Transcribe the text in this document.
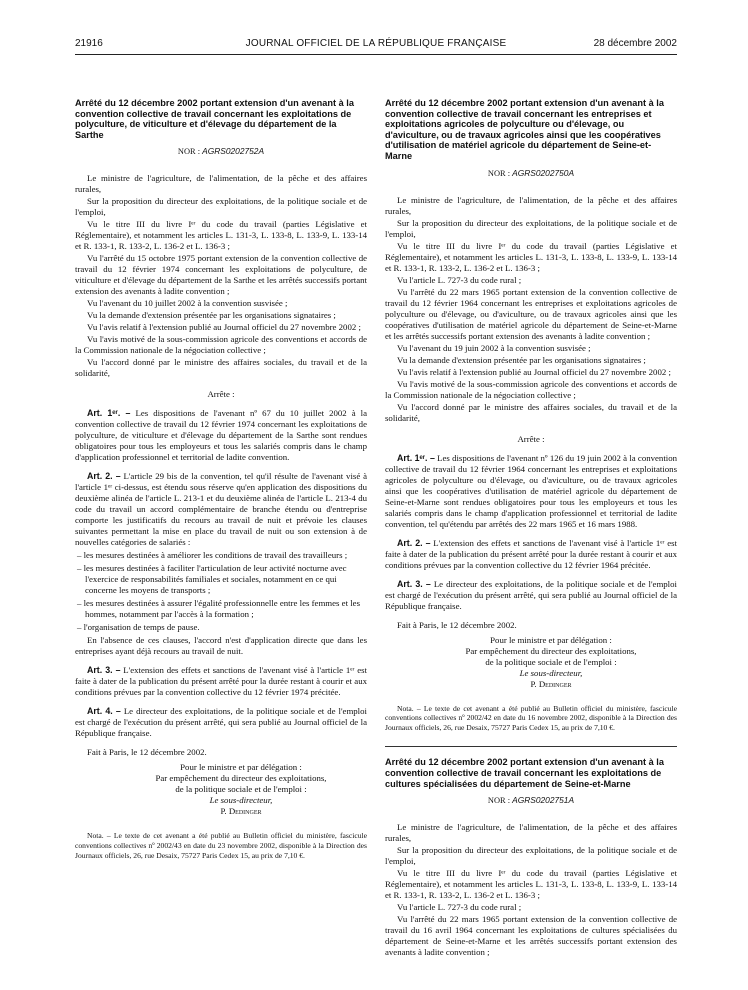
21916	JOURNAL OFFICIEL DE LA RÉPUBLIQUE FRANÇAISE	28 décembre 2002
Arrêté du 12 décembre 2002 portant extension d'un avenant à la convention collective de travail concernant les exploitations de polyculture, de viticulture et d'élevage du département de la Sarthe
NOR : AGRS0202752A
Le ministre de l'agriculture, de l'alimentation, de la pêche et des affaires rurales,
Sur la proposition du directeur des exploitations, de la politique sociale et de l'emploi,
Vu le titre III du livre Iᵉʳ du code du travail (parties Législative et Réglementaire), et notamment les articles L. 131-3, L. 133-8, L. 133-9, L. 133-14 et R. 133-1, R. 133-2, L. 136-2 et L. 136-3 ;
Vu l'arrêté du 15 octobre 1975 portant extension de la convention collective de travail du 12 février 1974 concernant les exploitations de polyculture, de viticulture et d'élevage du département de la Sarthe et les arrêtés successifs portant extension des avenants à ladite convention ;
Vu l'avenant du 10 juillet 2002 à la convention susvisée ;
Vu la demande d'extension présentée par les organisations signataires ;
Vu l'avis relatif à l'extension publié au Journal officiel du 27 novembre 2002 ;
Vu l'avis motivé de la sous-commission agricole des conventions et accords de la Commission nationale de la négociation collective ;
Vu l'accord donné par le ministre des affaires sociales, du travail et de la solidarité,
Arrête :
Art. 1ᵉʳ. – Les dispositions de l'avenant nº 67 du 10 juillet 2002 à la convention collective de travail du 12 février 1974 concernant les exploitations de polyculture, de viticulture et d'élevage du département de la Sarthe sont rendues obligatoires pour tous les employeurs et tous les salariés compris dans le champ d'application professionnel et territorial de ladite convention.
Art. 2. – L'article 29 bis de la convention, tel qu'il résulte de l'avenant visé à l'article 1ᵉʳ ci-dessus, est étendu sous réserve qu'en application des dispositions du deuxième alinéa de l'article L. 213-1 et du deuxième alinéa de l'article L. 213-4 du code du travail un accord complémentaire de branche étendu ou d'entreprise comporte les justificatifs du recours au travail de nuit et prévoie les clauses suivantes permettant la mise en place du travail de nuit ou son extension à de nouvelles catégories de salariés :
– les mesures destinées à améliorer les conditions de travail des travailleurs ;
– les mesures destinées à faciliter l'articulation de leur activité nocturne avec l'exercice de responsabilités familiales et sociales, notamment en ce qui concerne les moyens de transports ;
– les mesures destinées à assurer l'égalité professionnelle entre les femmes et les hommes, notamment par l'accès à la formation ;
– l'organisation de temps de pause.
En l'absence de ces clauses, l'accord n'est d'application directe que dans les entreprises ayant déjà recours au travail de nuit.
Art. 3. – L'extension des effets et sanctions de l'avenant visé à l'article 1ᵉʳ est faite à dater de la publication du présent arrêté pour la durée restant à courir et aux conditions prévues par la convention collective du 12 février 1974 précitée.
Art. 4. – Le directeur des exploitations, de la politique sociale et de l'emploi est chargé de l'exécution du présent arrêté, qui sera publié au Journal officiel de la République française.
Fait à Paris, le 12 décembre 2002.
Pour le ministre et par délégation :
Par empêchement du directeur des exploitations,
de la politique sociale et de l'emploi :
Le sous-directeur,
P. Dedinger
Nota. – Le texte de cet avenant a été publié au Bulletin officiel du ministère, fascicule conventions collectives nº 2002/43 en date du 23 novembre 2002, disponible à la Direction des Journaux officiels, 26, rue Desaix, 75727 Paris Cedex 15, au prix de 7,10 €.
Arrêté du 12 décembre 2002 portant extension d'un avenant à la convention collective de travail concernant les entreprises et exploitations agricoles de polyculture ou d'élevage, ou d'aviculture, ou de travaux agricoles ainsi que les coopératives d'utilisation de matériel agricole du département de Seine-et-Marne
NOR : AGRS0202750A
Le ministre de l'agriculture, de l'alimentation, de la pêche et des affaires rurales,
Sur la proposition du directeur des exploitations, de la politique sociale et de l'emploi,
Vu le titre III du livre Iᵉʳ du code du travail (parties Législative et Réglementaire), et notamment les articles L. 131-3, L. 133-8, L. 133-9, L. 133-14 et R. 133-1, R. 133-2, L. 136-2 et L. 136-3 ;
Vu l'article L. 727-3 du code rural ;
Vu l'arrêté du 22 mars 1965 portant extension de la convention collective de travail du 12 février 1964 concernant les entreprises et exploitations agricoles de polyculture ou d'élevage, ou d'aviculture, ou de travaux agricoles ainsi que les coopératives d'utilisation de matériel agricole du département de Seine-et-Marne et les arrêtés successifs portant extension des avenants à ladite convention ;
Vu l'avenant du 19 juin 2002 à la convention susvisée ;
Vu la demande d'extension présentée par les organisations signataires ;
Vu l'avis relatif à l'extension publié au Journal officiel du 27 novembre 2002 ;
Vu l'avis motivé de la sous-commission agricole des conventions et accords de la Commission nationale de la négociation collective ;
Vu l'accord donné par le ministre des affaires sociales, du travail et de la solidarité,
Arrête :
Art. 1ᵉʳ. – Les dispositions de l'avenant nº 126 du 19 juin 2002 à la convention collective de travail du 12 février 1964 concernant les entreprises et exploitations agricoles de polyculture ou d'élevage, ou d'aviculture, ou de travaux agricoles ainsi que les coopératives d'utilisation de matériel agricole du département de Seine-et-Marne sont rendues obligatoires pour tous les employeurs et tous les salariés compris dans le champ d'application professionnel et territorial de ladite convention, tel qu'étendu par arrêtés des 22 mars 1965 et 16 mars 1988.
Art. 2. – L'extension des effets et sanctions de l'avenant visé à l'article 1ᵉʳ est faite à dater de la publication du présent arrêté pour la durée restant à courir et aux conditions prévues par la convention collective du 12 février 1964 précitée.
Art. 3. – Le directeur des exploitations, de la politique sociale et de l'emploi est chargé de l'exécution du présent arrêté, qui sera publié au Journal officiel de la République française.
Fait à Paris, le 12 décembre 2002.
Pour le ministre et par délégation :
Par empêchement du directeur des exploitations,
de la politique sociale et de l'emploi :
Le sous-directeur,
P. Dedinger
Nota. – Le texte de cet avenant a été publié au Bulletin officiel du ministère, fascicule conventions collectives nº 2002/42 en date du 16 novembre 2002, disponible à la Direction des Journaux officiels, 26, rue Desaix, 75727 Paris Cedex 15, au prix de 7,10 €.
Arrêté du 12 décembre 2002 portant extension d'un avenant à la convention collective de travail concernant les exploitations de cultures spécialisées du département de Seine-et-Marne
NOR : AGRS0202751A
Le ministre de l'agriculture, de l'alimentation, de la pêche et des affaires rurales,
Sur la proposition du directeur des exploitations, de la politique sociale et de l'emploi,
Vu le titre III du livre Iᵉʳ du code du travail (parties Législative et Réglementaire), et notamment les articles L. 131-3, L. 133-8, L. 133-9, L. 133-14 et R. 133-1, R. 133-2, L. 136-2 et L. 136-3 ;
Vu l'article L. 727-3 du code rural ;
Vu l'arrêté du 22 mars 1965 portant extension de la convention collective de travail du 16 avril 1964 concernant les exploitations de cultures spécialisées du département de Seine-et-Marne et les arrêtés successifs portant extension des avenants à ladite convention ;
